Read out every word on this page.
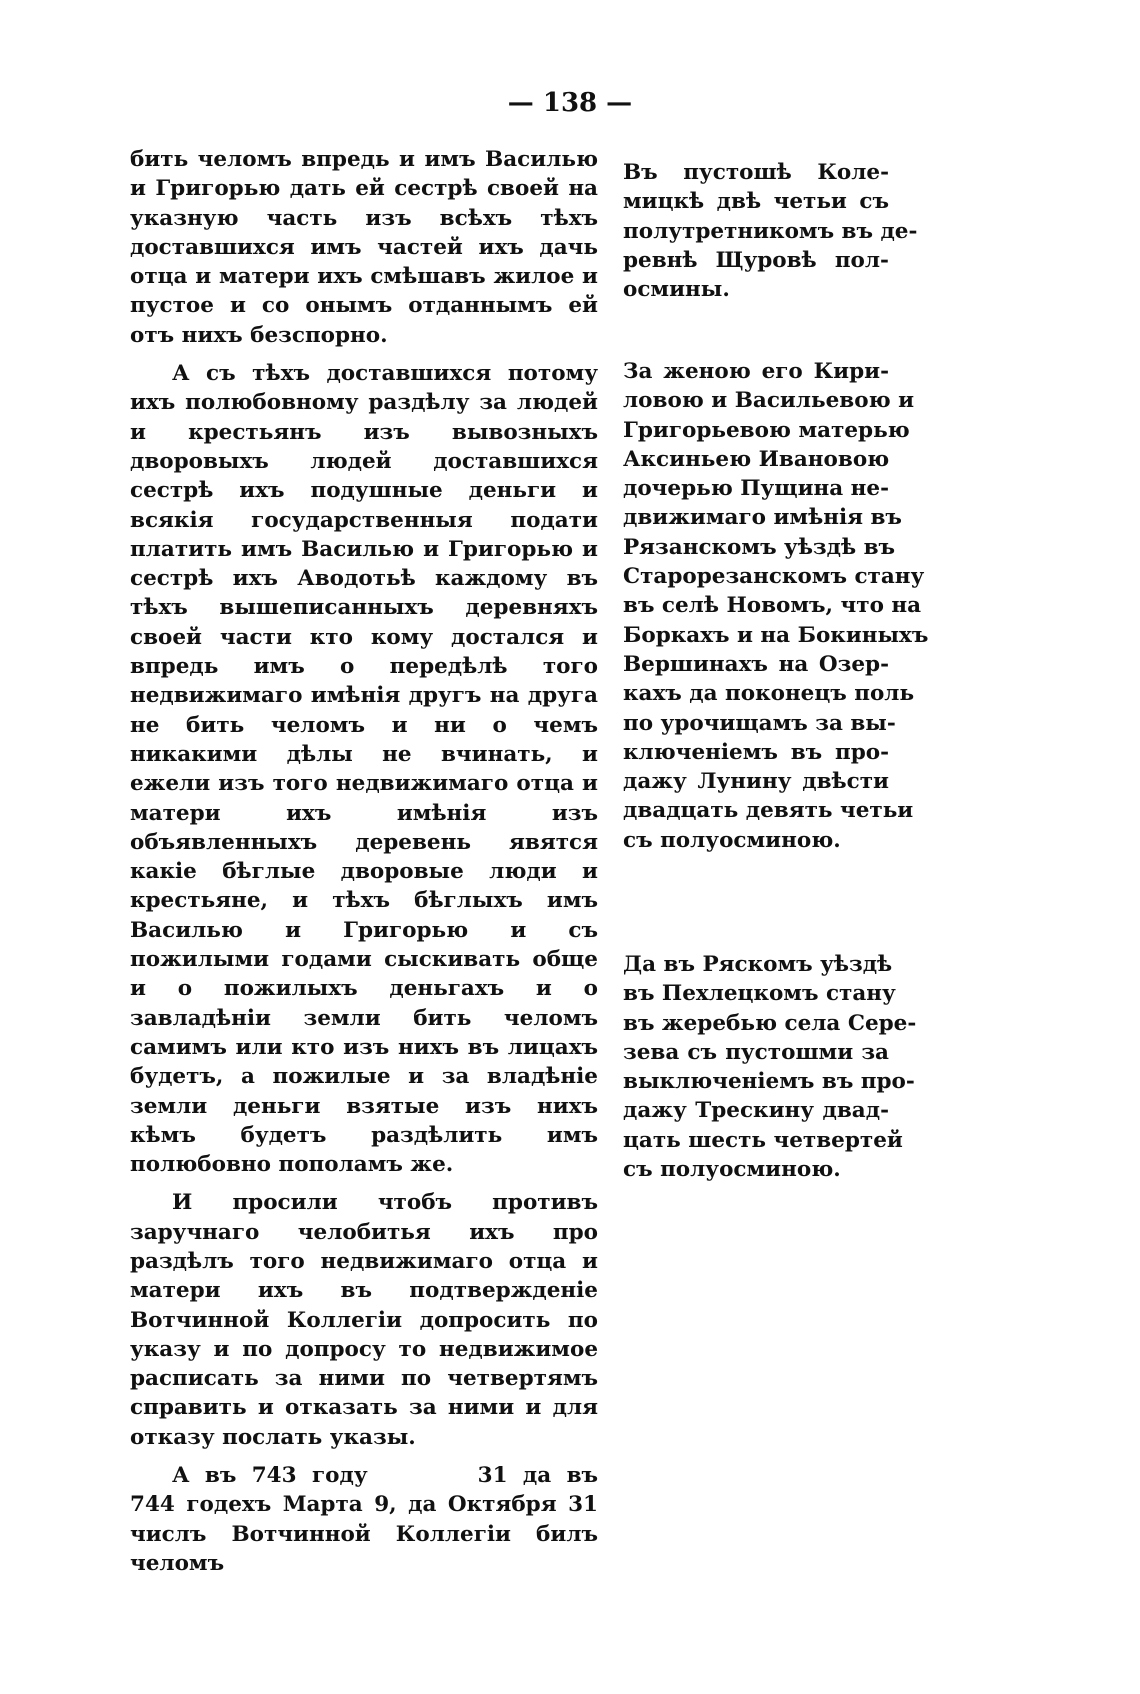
— 138 —

бить челомъ впредь и имъ Василью и Григорью дать ей сестрѣ своей на указную часть изъ всѣхъ тѣхъ доставшихся имъ частей ихъ дачь отца и матери ихъ смѣшавъ жилое и пустое и со онымъ отданнымъ ей отъ нихъ безспорно.

А съ тѣхъ доставшихся потому ихъ полюбовному раздѣлу за людей и крестьянъ изъ вывозныхъ дворовыхъ людей доставшихся сестрѣ ихъ подушные деньги и всякія государственныя подати платить имъ Василью и Григорью и сестрѣ ихъ Аводотьѣ каждому въ тѣхъ вышеписанныхъ деревняхъ своей части кто кому достался и впредь имъ о передѣлѣ того недвижимаго имѣнія другъ на друга не бить челомъ и ни о чемъ никакими дѣлы не вчинать, и ежели изъ того недвижимаго отца и матери ихъ имѣнія изъ объявленныхъ деревень явятся какіе бѣглые дворовые люди и крестьяне, и тѣхъ бѣглыхъ имъ Василью и Григорью и съ пожилыми годами сыскивать обще и о пожилыхъ деньгахъ и о завладѣніи земли бить челомъ самимъ или кто изъ нихъ въ лицахъ будетъ, а пожилые и за владѣніе земли деньги взятые изъ нихъ кѣмъ будетъ раздѣлить имъ полюбовно пополамъ же.

И просили чтобъ противъ заручнаго челобитья ихъ про раздѣлъ того недвижимаго отца и матери ихъ въ подтвержденіе Вотчинной Коллегіи допросить по указу и по допросу то недвижимое расписать за ними по четвертямъ справить и отказать за ними и для отказу послать указы.

А въ 743 году	31 да въ 744 годехъ Марта 9, да Октября 31 числъ Вотчинной Коллегіи билъ челомъ

Въ пустошѣ Коле-
мицкѣ двѣ четьи съ
полутретникомъ въ де-
ревнѣ Щуровѣ пол-
осмины.
За женою его Кири-
ловою и Васильевою и
Григорьевою матерью
Аксиньею Ивановою
дочерью Пущина не-
движимаго имѣнія въ
Рязанскомъ уѣздѣ въ
Старорезанскомъ стану
въ селѣ Новомъ, что на
Боркахъ и на Бокиныхъ
Вершинахъ на Озер-
кахъ да поконецъ поль
по урочищамъ за вы-
ключеніемъ въ про-
дажу Лунину двѣсти
двадцать девять четьи
съ полуосминою.
Да въ Ряскомъ уѣздѣ
въ Пехлецкомъ стану
въ жеребью села Сере-
зева съ пустошми за
выключеніемъ въ про-
дажу Трескину двад-
цать шесть четвертей
съ полуосминою.
